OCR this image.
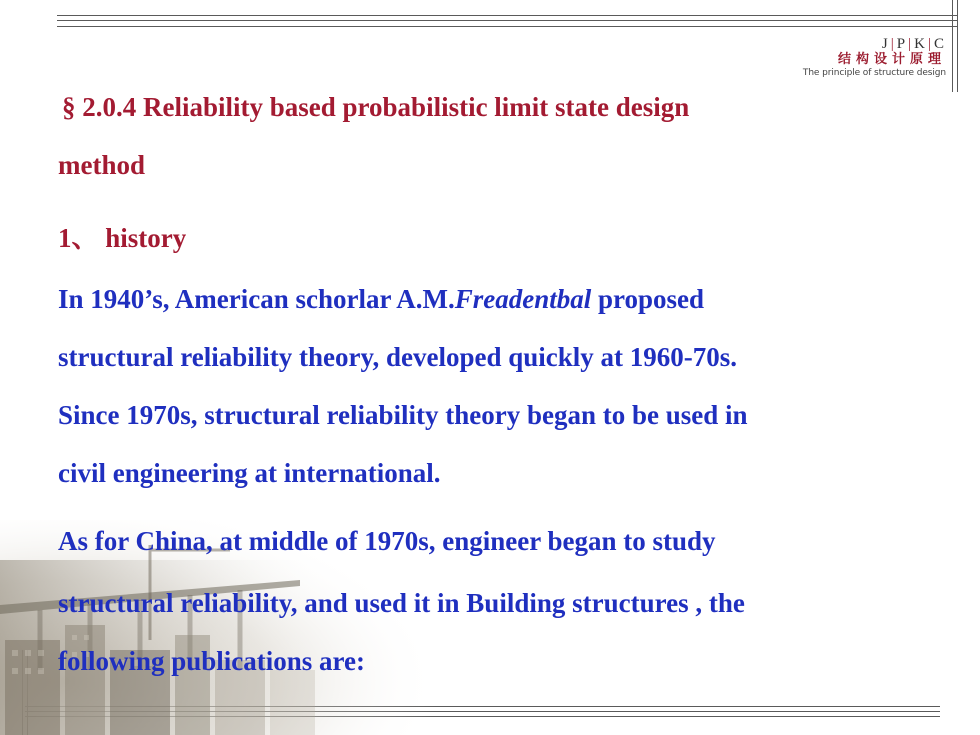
J | P | K | C
结构设计原理
The principle of structure design
§ 2.0.4 Reliability based probabilistic limit state design
method
1、 history
In 1940’s, American schorlar A.M.Freadentbal proposed
structural reliability theory, developed quickly at 1960-70s.
Since 1970s, structural reliability theory began to be used in
civil engineering at international.
As for China, at middle of 1970s, engineer began to study
structural reliability, and used it in Building structures , the
following publications are:
